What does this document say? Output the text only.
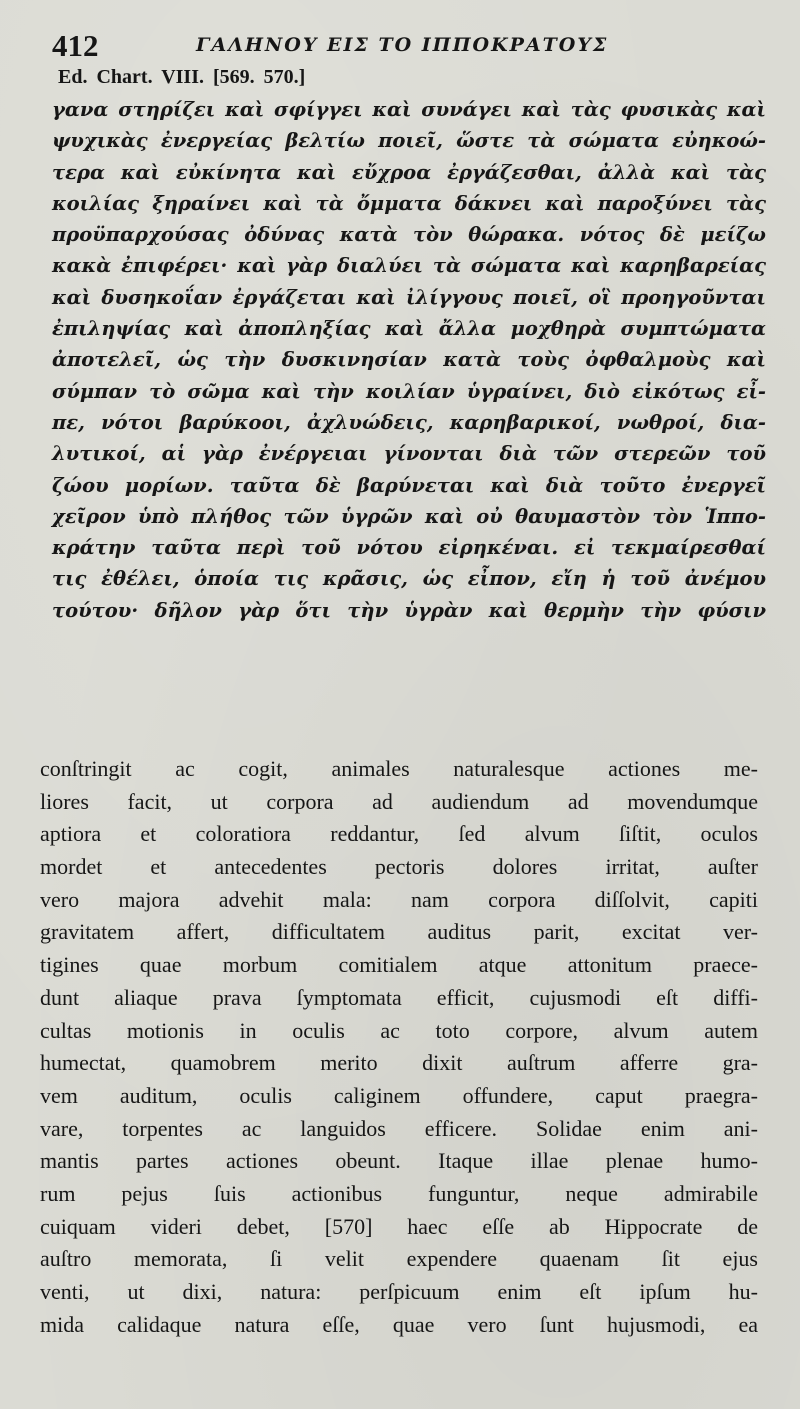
412	ΓΑΛΗΝΟΥ ΕΙΣ ΤΟ ΙΠΠΟΚΡΑΤΟΥΣ
Ed. Chart. VIII. [569. 570.]
γανα στηρίζει καὶ σφίγγει καὶ συνάγει καὶ τὰς φυσικὰς καὶ
ψυχικὰς ἐνεργείας βελτίω ποιεῖ, ὥστε τὰ σώματα εὐηκοώ-
τερα καὶ εὐκίνητα καὶ εὔχροα ἐργάζεσθαι, ἀλλὰ καὶ τὰς
κοιλίας ξηραίνει καὶ τὰ ὄμματα δάκνει καὶ παροξύνει τὰς
προϋπαρχούσας ὀδύνας κατὰ τὸν θώρακα. νότος δὲ μείζω
κακὰ ἐπιφέρει· καὶ γὰρ διαλύει τὰ σώματα καὶ καρηβαρείας
καὶ δυσηκοΐαν ἐργάζεται καὶ ἰλίγγους ποιεῖ, οἳ προηγοῦνται
ἐπιληψίας καὶ ἀποπληξίας καὶ ἄλλα μοχθηρὰ συμπτώματα
ἀποτελεῖ, ὡς τὴν δυσκινησίαν κατὰ τοὺς ὀφθαλμοὺς καὶ
σύμπαν τὸ σῶμα καὶ τὴν κοιλίαν ὑγραίνει, διὸ εἰκότως εἶ-
πε, νότοι βαρύκοοι, ἀχλυώδεις, καρηβαρικοί, νωθροί, δια-
λυτικοί, αἱ γὰρ ἐνέργειαι γίνονται διὰ τῶν στερεῶν τοῦ
ζώου μορίων. ταῦτα δὲ βαρύνεται καὶ διὰ τοῦτο ἐνεργεῖ
χεῖρον ὑπὸ πλήθος τῶν ὑγρῶν καὶ οὐ θαυμαστὸν τὸν Ἱππο-
κράτην ταῦτα περὶ τοῦ νότου εἰρηκέναι. εἰ τεκμαίρεσθαί
τις ἐθέλει, ὁποία τις κρᾶσις, ὡς εἶπον, εἴη ἡ τοῦ ἀνέμου
τούτου· δῆλον γὰρ ὅτι τὴν ὑγρὰν καὶ θερμὴν τὴν φύσιν
conſtringit ac cogit, animales naturalesque actiones me-
liores facit, ut corpora ad audiendum ad movendumque
aptiora et coloratiora reddantur, ſed alvum ſiſtit, oculos
mordet et antecedentes pectoris dolores irritat, auſter
vero majora advehit mala: nam corpora diſſolvit, capiti
gravitatem affert, difficultatem auditus parit, excitat ver-
tigines quae morbum comitialem atque attonitum praece-
dunt aliaque prava ſymptomata efficit, cujusmodi eſt diffi-
cultas motionis in oculis ac toto corpore, alvum autem
humectat, quamobrem merito dixit auſtrum afferre gra-
vem auditum, oculis caliginem offundere, caput praegra-
vare, torpentes ac languidos efficere. Solidae enim ani-
mantis partes actiones obeunt. Itaque illae plenae humo-
rum pejus ſuis actionibus funguntur, neque admirabile
cuiquam videri debet, [570] haec eſſe ab Hippocrate de
auſtro memorata, ſi velit expendere quaenam ſit ejus
venti, ut dixi, natura: perſpicuum enim eſt ipſum hu-
mida calidaque natura eſſe, quae vero ſunt hujusmodi, ea
